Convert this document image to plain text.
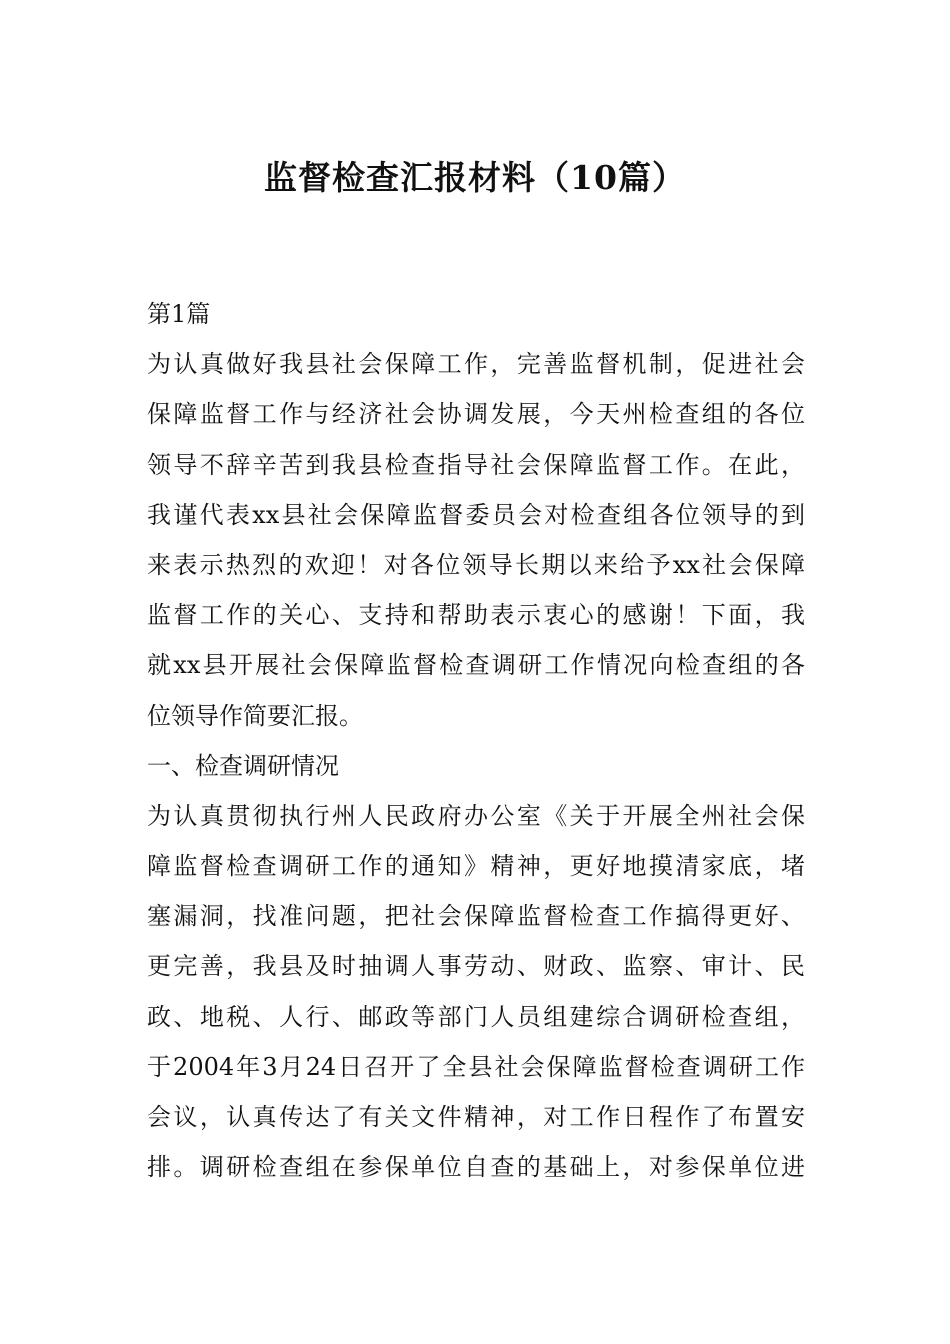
监督检查汇报材料（10篇）
第1篇
为认真做好我县社会保障工作，完善监督机制，促进社会
保障监督工作与经济社会协调发展，今天州检查组的各位
领导不辞辛苦到我县检查指导社会保障监督工作。在此，
我谨代表xx县社会保障监督委员会对检查组各位领导的到
来表示热烈的欢迎！对各位领导长期以来给予xx社会保障
监督工作的关心、支持和帮助表示衷心的感谢！下面，我
就xx县开展社会保障监督检查调研工作情况向检查组的各
位领导作简要汇报。
一、检查调研情况
为认真贯彻执行州人民政府办公室《关于开展全州社会保
障监督检查调研工作的通知》精神，更好地摸清家底，堵
塞漏洞，找准问题，把社会保障监督检查工作搞得更好、
更完善，我县及时抽调人事劳动、财政、监察、审计、民
政、地税、人行、邮政等部门人员组建综合调研检查组，
于2004年3月24日召开了全县社会保障监督检查调研工作
会议，认真传达了有关文件精神，对工作日程作了布置安
排。调研检查组在参保单位自查的基础上，对参保单位进
